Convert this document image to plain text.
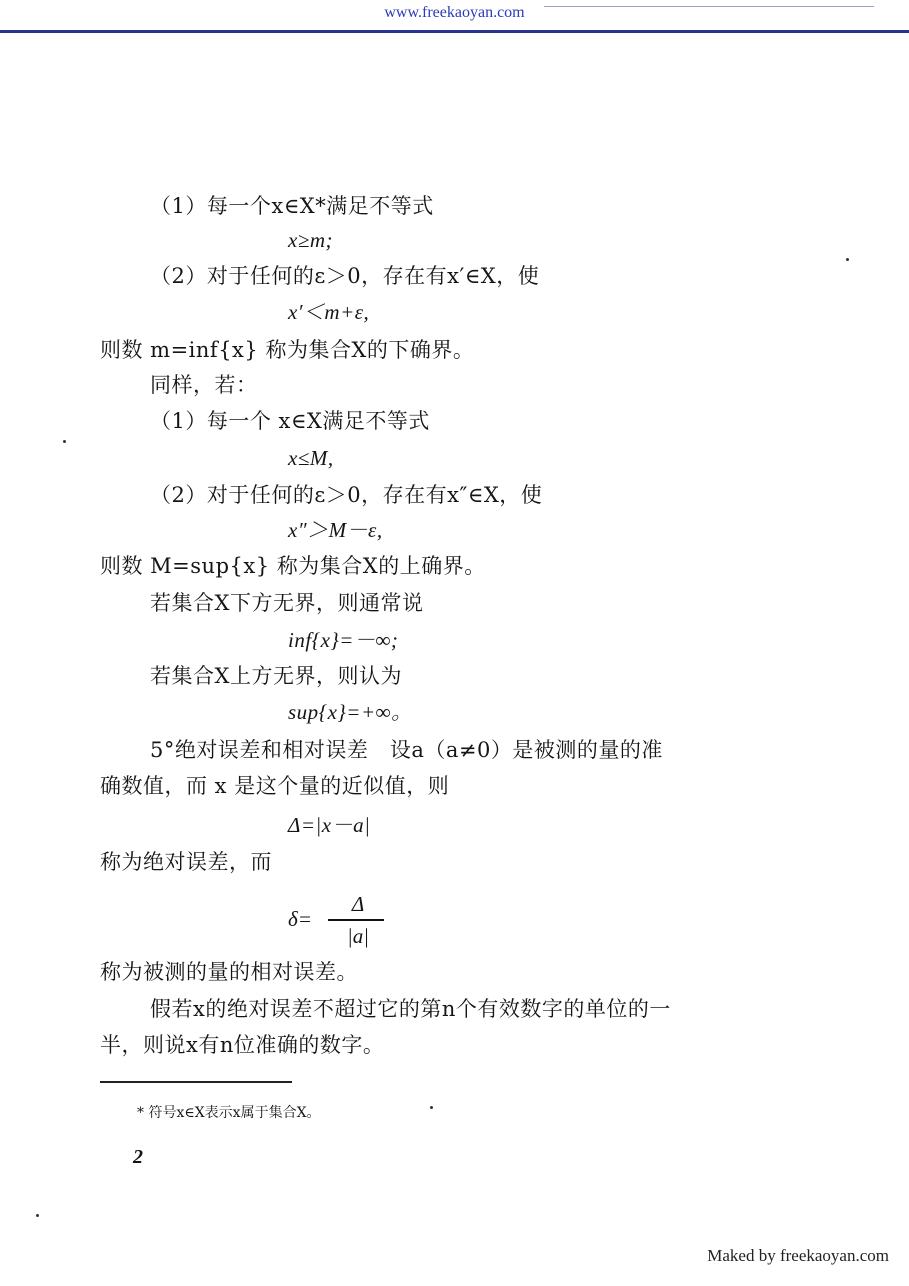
www.freekaoyan.com
（1）每一个x∈X*满足不等式
x≥m;
（2）对于任何的ε＞0，存在有x′∈X，使
x′＜m+ε,
则数 m=inf{x} 称为集合X的下确界。
同样，若：
（1）每一个 x∈X满足不等式
x≤M,
（2）对于任何的ε＞0，存在有x″∈X，使
x″＞M－ε,
则数 M=sup{x} 称为集合X的上确界。
若集合X下方无界，则通常说
inf{x}=－∞;
若集合X上方无界，则认为
sup{x}=+∞。
5°绝对误差和相对误差　设a（a≠0）是被测的量的准
确数值，而 x 是这个量的近似值，则
Δ=|x－a|
称为绝对误差，而
δ=
Δ
|a|
称为被测的量的相对误差。
假若x的绝对误差不超过它的第n个有效数字的单位的一
半，则说x有n位准确的数字。
* 符号x∈X表示x属于集合X。
2
Maked by freekaoyan.com
